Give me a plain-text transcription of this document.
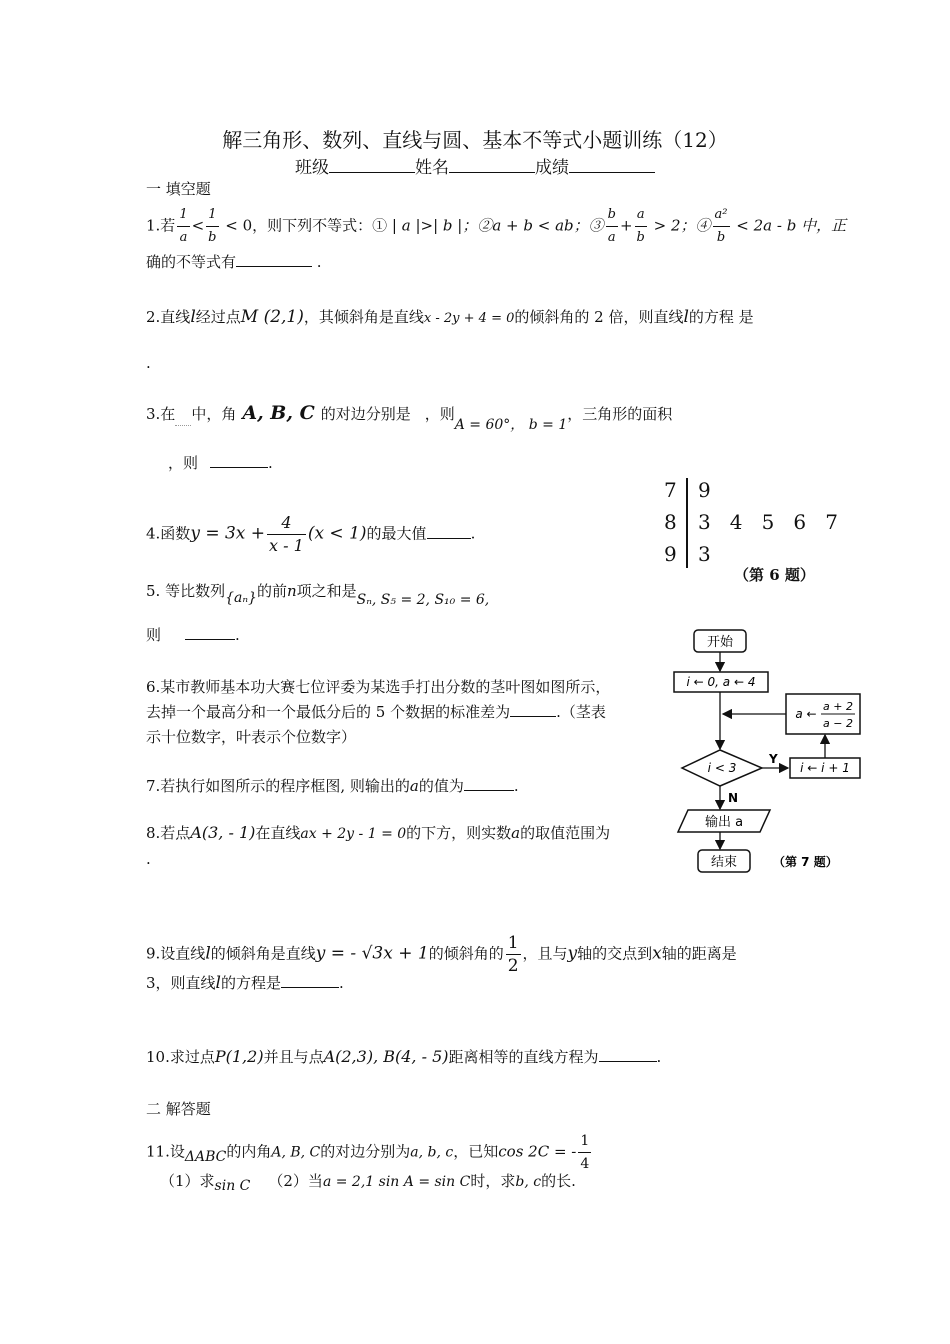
解三角形、数列、直线与圆、基本不等式小题训练（12）
班级	姓名	成绩
一 填空题
1.若 $\frac{1}{a} < \frac{1}{b} < 0$，则下列不等式：① | a |>| b |；②a + b < ab；③ $\frac{b}{a} + \frac{a}{b} > 2$；④ $\frac{\text{a²}}{b} < 2a - b$ 中，正
确的不等式有	.
2.直线l经过点M (2,1)，其倾斜角是直线x - 2y + 4 = 0的倾斜角的 2 倍，则直线l的方程 是
.
3.在 中，角 A, B, C 的对边分别是 ，则A = 60°， b = 1，三角形的面积
，则	.
4.函数$y = 3x + \frac{4}{x - 1} (x < 1)$的最大值	.
5. 等比数列{aₙ}的前n项之和是Sₙ, S₅ = 2, S₁₀ = 6,
则	.
6.某市教师基本功大赛七位评委为某选手打出分数的茎叶图如图所示，
去掉一个最高分和一个最低分后的 5 个数据的标准差为	.（茎表
示十位数字，叶表示个位数字）
7.若执行如图所示的程序框图, 则输出的a的值为	.
8.若点A(3, - 1)在直线ax + 2y - 1 = 0的下方，则实数a的取值范围为
.
9.设直线l的倾斜角是直线y = - √3x + 1的倾斜角的 $\frac{1}{2}$ ，且与y轴的交点到x轴的距离是
3，则直线l的方程是	.
10.求过点P(1,2)并且与点A(2,3), B(4, - 5)距离相等的直线方程为	.
二 解答题
11.设ΔABC的内角A, B, C的对边分别为a, b, c，已知cos 2C = - $\frac{1}{4}$
（1）求sin C （2）当a = 2,1 sin A = sin C时，求b, c的长.
7 9
8 3   4   5   6   7
9 3
（第 6 题）
开始
i ← 0, a ← 4
a ←
a + 2
a − 2
i < 3
Y
i ← i + 1
N
输出 a
结束	（第 7 题）
